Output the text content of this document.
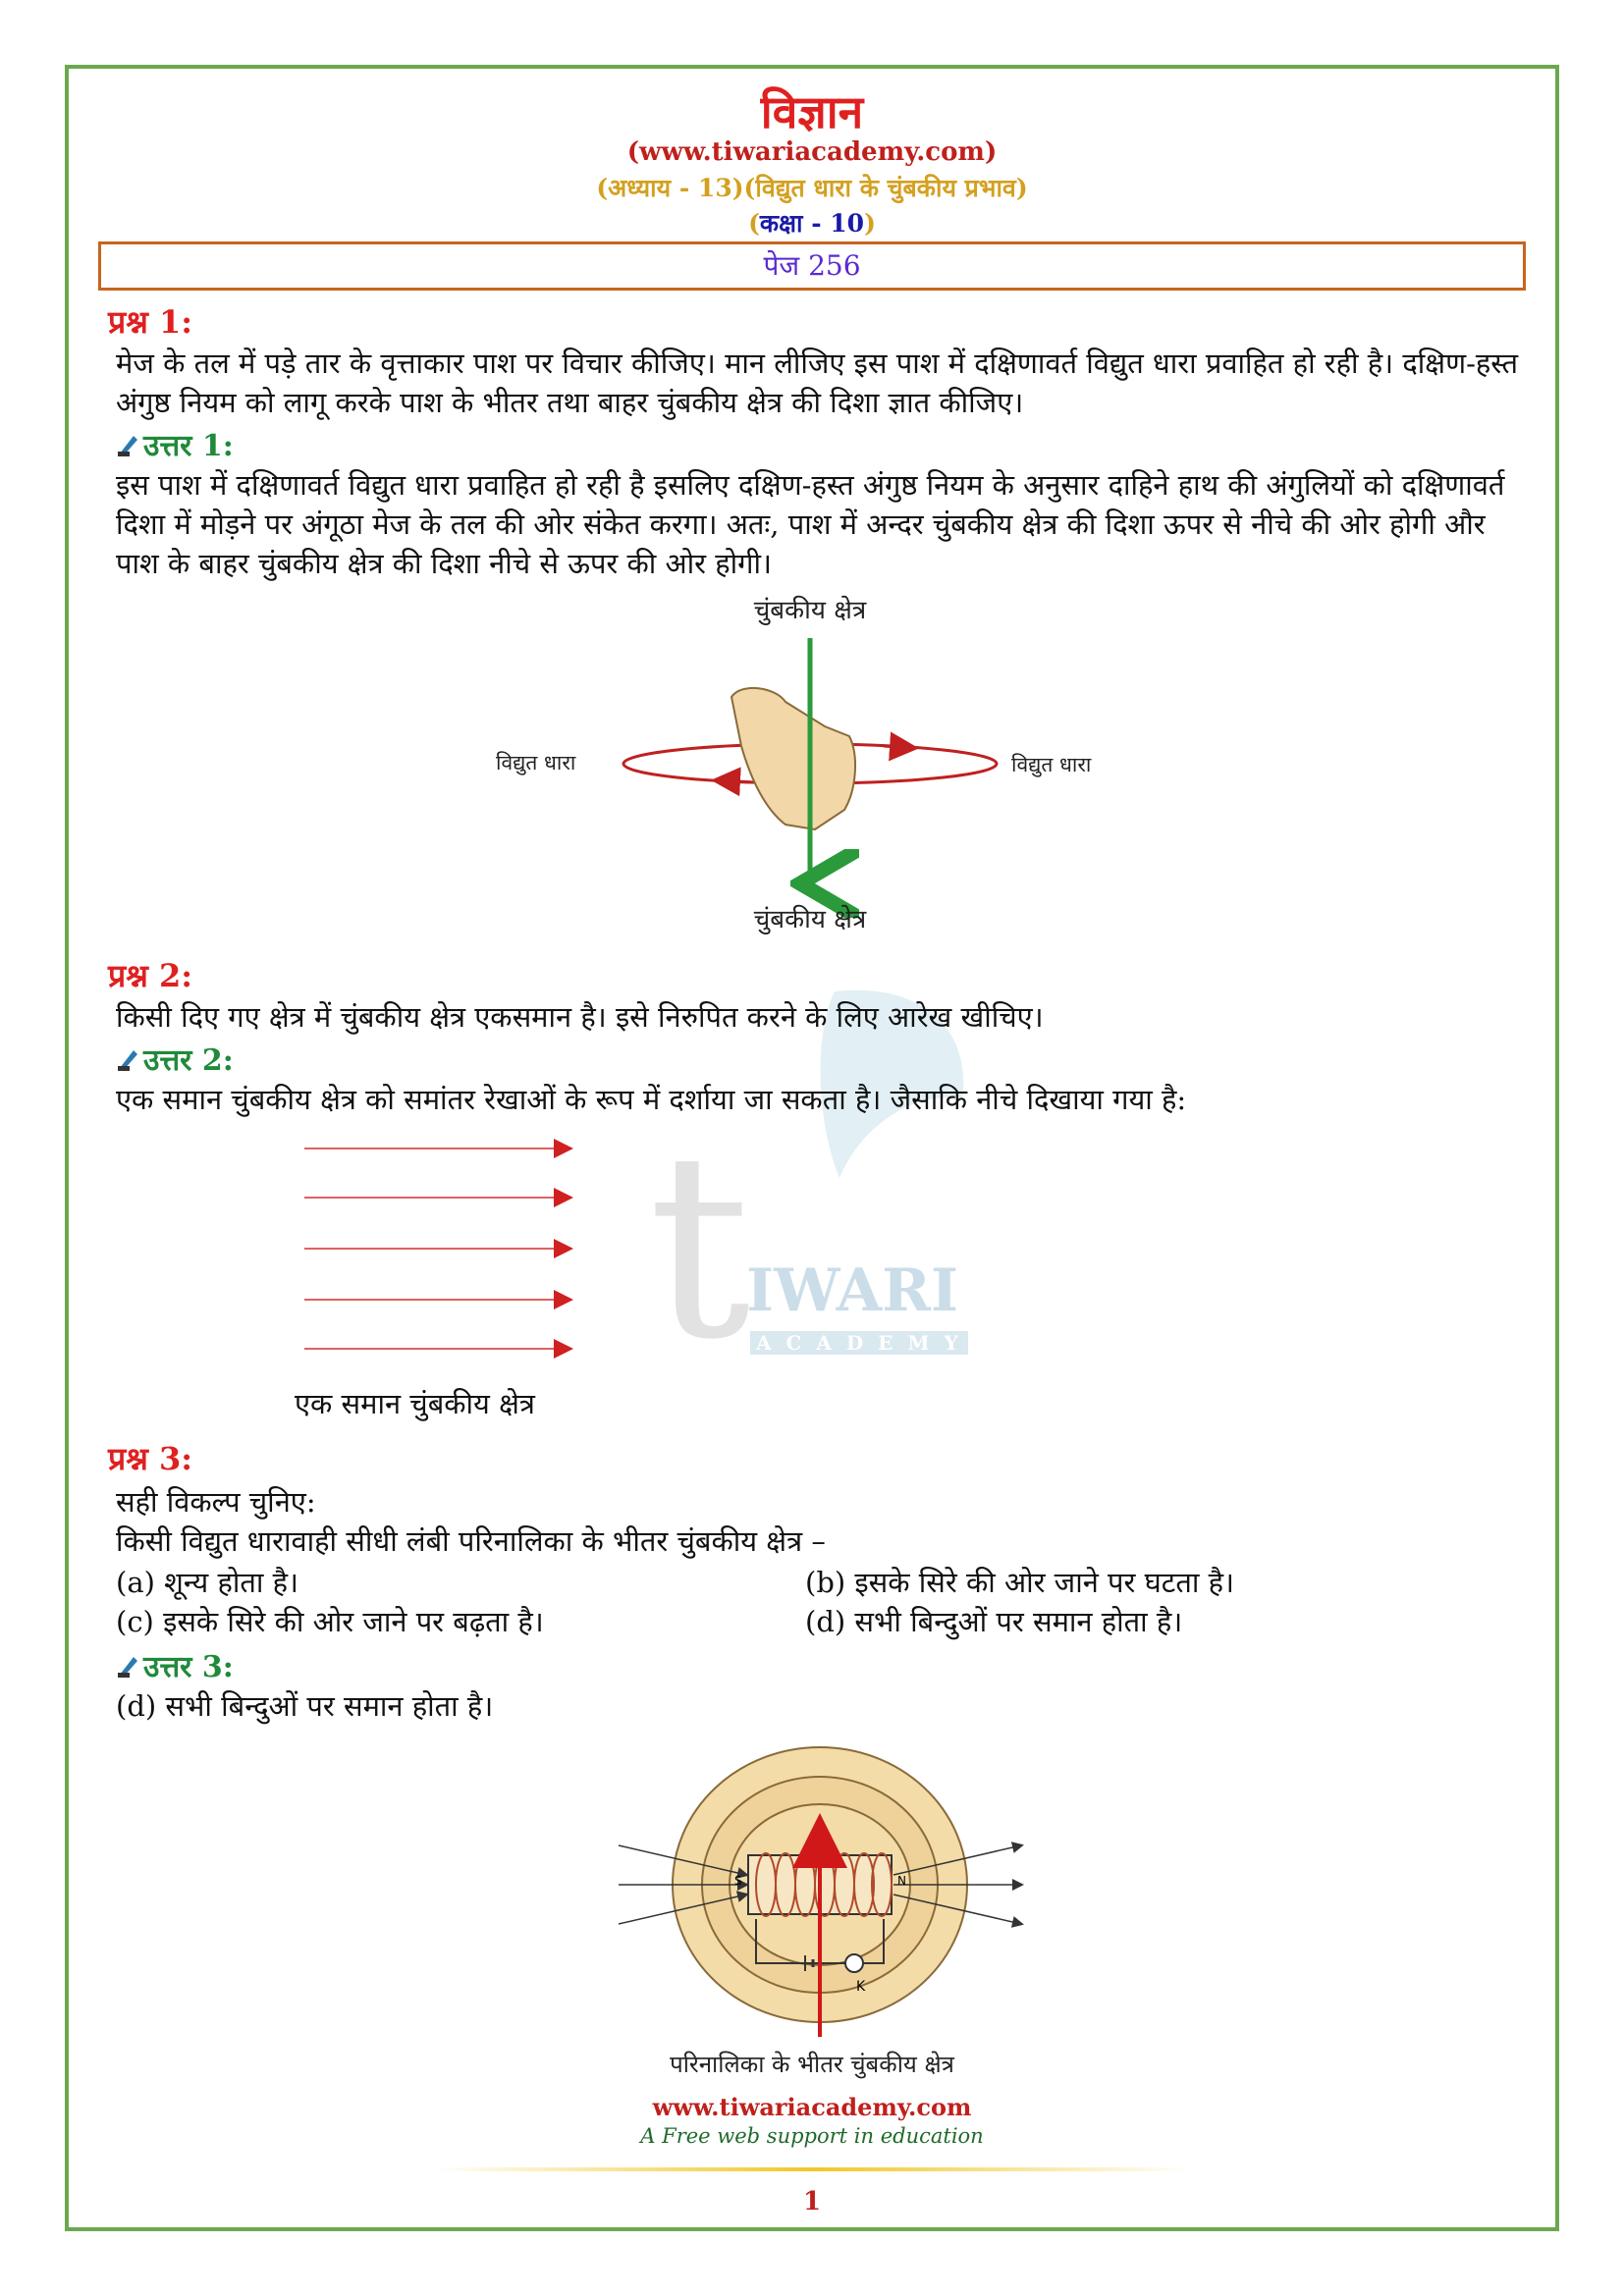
विज्ञान
(www.tiwariacademy.com)
(अध्याय - 13)(विद्युत धारा के चुंबकीय प्रभाव)
(कक्षा - 10)
पेज 256
t
IWARI
A C A D E M Y
प्रश्न 1:
मेज के तल में पड़े तार के वृत्ताकार पाश पर विचार कीजिए। मान लीजिए इस पाश में दक्षिणावर्त विद्युत धारा प्रवाहित हो रही है। दक्षिण-हस्त अंगुष्ठ नियम को लागू करके पाश के भीतर तथा बाहर चुंबकीय क्षेत्र की दिशा ज्ञात कीजिए।
उत्तर 1:
इस पाश में दक्षिणावर्त विद्युत धारा प्रवाहित हो रही है इसलिए दक्षिण-हस्त अंगुष्ठ नियम के अनुसार दाहिने हाथ की अंगुलियों को दक्षिणावर्त दिशा में मोड़ने पर अंगूठा मेज के तल की ओर संकेत करगा। अतः, पाश में अन्दर चुंबकीय क्षेत्र की दिशा ऊपर से नीचे की ओर होगी और पाश के बाहर चुंबकीय क्षेत्र की दिशा नीचे से ऊपर की ओर होगी।
चुंबकीय क्षेत्र
चुंबकीय क्षेत्र
विद्युत धारा	विद्युत धारा
प्रश्न 2:
किसी दिए गए क्षेत्र में चुंबकीय क्षेत्र एकसमान है। इसे निरुपित करने के लिए आरेख खीचिए।
उत्तर 2:
एक समान चुंबकीय क्षेत्र को समांतर रेखाओं के रूप में दर्शाया जा सकता है। जैसाकि नीचे दिखाया गया है:
एक समान चुंबकीय क्षेत्र
प्रश्न 3:
सही विकल्प चुनिए:
किसी विद्युत धारावाही सीधी लंबी परिनालिका के भीतर चुंबकीय क्षेत्र –
(a) शून्य होता है।	(b) इसके सिरे की ओर जाने पर घटता है।
(c) इसके सिरे की ओर जाने पर बढ़ता है।	(d) सभी बिन्दुओं पर समान होता है।
उत्तर 3:
(d) सभी बिन्दुओं पर समान होता है।
K
S	N
परिनालिका के भीतर चुंबकीय क्षेत्र
www.tiwariacademy.com
A Free web support in education
1
